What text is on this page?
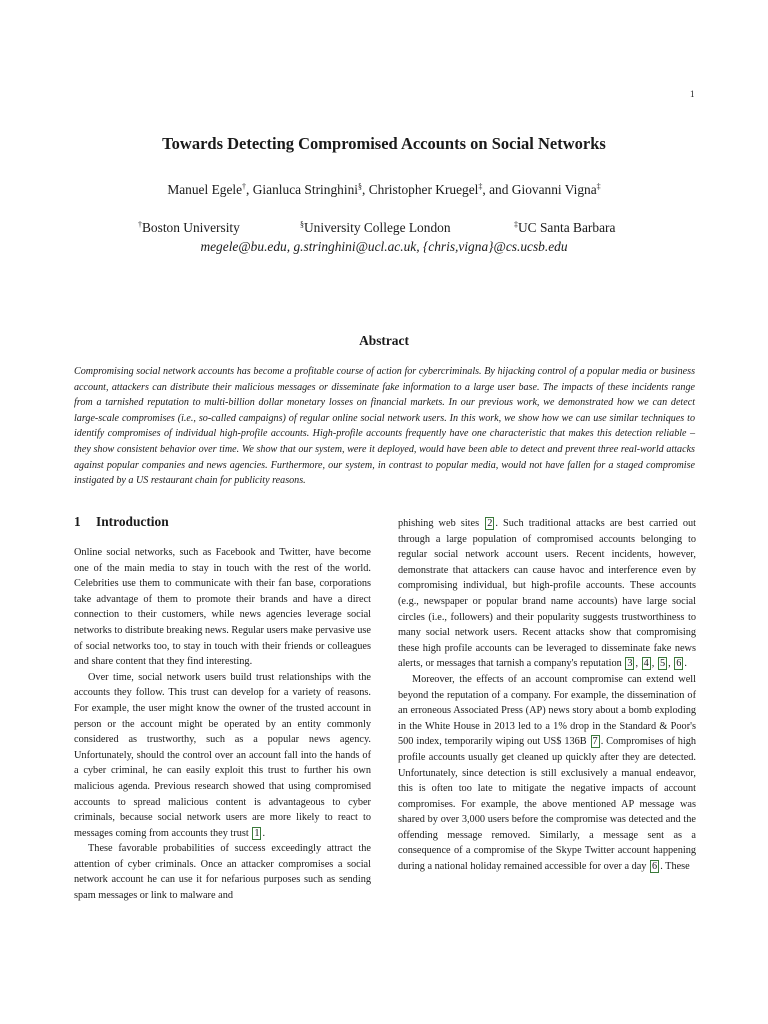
1
Towards Detecting Compromised Accounts on Social Networks
Manuel Egele†, Gianluca Stringhini§, Christopher Kruegel‡, and Giovanni Vigna‡
† Boston University	§ University College London	‡ UC Santa Barbara
megele@bu.edu, g.stringhini@ucl.ac.uk, {chris,vigna}@cs.ucsb.edu
Abstract
Compromising social network accounts has become a profitable course of action for cybercriminals. By hijacking control of a popular media or business account, attackers can distribute their malicious messages or disseminate fake information to a large user base. The impacts of these incidents range from a tarnished reputation to multi-billion dollar monetary losses on financial markets. In our previous work, we demonstrated how we can detect large-scale compromises (i.e., so-called campaigns) of regular online social network users. In this work, we show how we can use similar techniques to identify compromises of individual high-profile accounts. High-profile accounts frequently have one characteristic that makes this detection reliable – they show consistent behavior over time. We show that our system, were it deployed, would have been able to detect and prevent three real-world attacks against popular companies and news agencies. Furthermore, our system, in contrast to popular media, would not have fallen for a staged compromise instigated by a US restaurant chain for publicity reasons.
1 Introduction

Online social networks, such as Facebook and Twitter, have become one of the main media to stay in touch with the rest of the world. Celebrities use them to communicate with their fan base, corporations take advantage of them to promote their brands and have a direct connection to their customers, while news agencies leverage social networks to distribute breaking news. Regular users make pervasive use of social networks too, to stay in touch with their friends or colleagues and share content that they find interesting.

Over time, social network users build trust relationships with the accounts they follow. This trust can develop for a variety of reasons. For example, the user might know the owner of the trusted account in person or the account might be operated by an entity commonly considered as trustworthy, such as a popular news agency. Unfortunately, should the control over an account fall into the hands of a cyber criminal, he can easily exploit this trust to further his own malicious agenda. Previous research showed that using compromised accounts to spread malicious content is advantageous to cyber criminals, because social network users are more likely to react to messages coming from accounts they trust 1 .

These favorable probabilities of success exceedingly attract the attention of cyber criminals. Once an attacker compromises a social network account he can use it for nefarious purposes such as sending spam messages or link to malware and

phishing web sites 2 . Such traditional attacks are best carried out through a large population of compromised accounts belonging to regular social network account users. Recent incidents, however, demonstrate that attackers can cause havoc and interference even by compromising individual, but high-profile accounts. These accounts (e.g., newspaper or popular brand name accounts) have large social circles (i.e., followers) and their popularity suggests trustworthiness to many social network users. Recent attacks show that compromising these high profile accounts can be leveraged to disseminate fake news alerts, or messages that tarnish a company's reputation 3 , 4 , 5 , 6 .

Moreover, the effects of an account compromise can extend well beyond the reputation of a company. For example, the dissemination of an erroneous Associated Press (AP) news story about a bomb exploding in the White House in 2013 led to a 1% drop in the Standard & Poor's 500 index, temporarily wiping out US$ 136B 7 . Compromises of high profile accounts usually get cleaned up quickly after they are detected. Unfortunately, since detection is still exclusively a manual endeavor, this is often too late to mitigate the negative impacts of account compromises. For example, the above mentioned AP message was shared by over 3,000 users before the compromise was detected and the offending message removed. Similarly, a message sent as a consequence of a compromise of the Skype Twitter account happening during a national holiday remained accessible for over a day 6 . These
